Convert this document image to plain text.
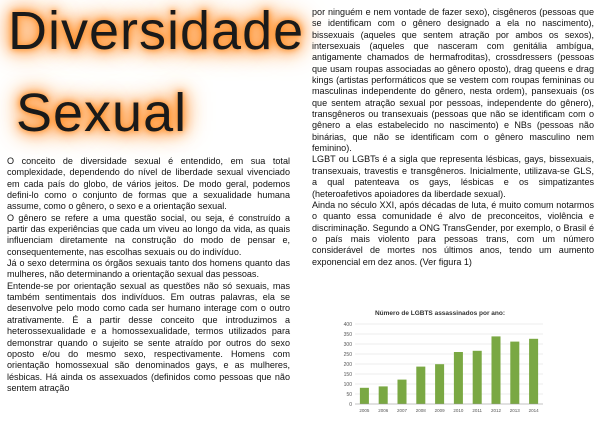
Diversidade
Sexual

O conceito de diversidade sexual é entendido, em sua total complexidade, dependendo do nível de liberdade sexual vivenciado em cada país do globo, de vários jeitos. De modo geral, podemos defini-lo como o conjunto de formas que a sexualidade humana assume, como o gênero, o sexo e a orientação sexual.

O gênero se refere a uma questão social, ou seja, é construído a partir das experiências que cada um viveu ao longo da vida, as quais influenciam diretamente na construção do modo de pensar e, consequentemente, nas escolhas sexuais ou do indivíduo.

Já o sexo determina os órgãos sexuais tanto dos homens quanto das mulheres, não determinando a orientação sexual das pessoas.

Entende-se por orientação sexual as questões não só sexuais, mas também sentimentais dos indivíduos. Em outras palavras, ela se desenvolve pelo modo como cada ser humano interage com o outro atrativamente. É a partir desse conceito que introduzimos a heterossexualidade e a homossexualidade, termos utilizados para demonstrar quando o sujeito se sente atraído por outros do sexo oposto e/ou do mesmo sexo, respectivamente. Homens com orientação homossexual são denominados gays, e as mulheres, lésbicas. Há ainda os assexuados (definidos como pessoas que não sentem atração

por ninguém e nem vontade de fazer sexo), cisgêneros (pessoas que se identificam com o gênero designado a ela no nascimento), bissexuais (aqueles que sentem atração por ambos os sexos), intersexuais (aqueles que nasceram com genitália ambígua, antigamente chamados de hermafroditas), crossdressers (pessoas que usam roupas associadas ao gênero oposto), drag queens e drag kings (artistas performáticos que se vestem com roupas femininas ou masculinas independente do gênero, nesta ordem), pansexuais (os que sentem atração sexual por pessoas, independente do gênero), transgêneros ou transexuais (pessoas que não se identificam com o gênero a elas estabelecido no nascimento) e NBs (pessoas não binárias, que não se identificam com o gênero masculino nem feminino).

LGBT ou LGBTs é a sigla que representa lésbicas, gays, bissexuais, transexuais, travestis e transgêneros. Inicialmente, utilizava-se GLS, a qual patenteava os gays, lésbicas e os simpatizantes (heteroafetivos apoiadores da liberdade sexual).

Ainda no século XXI, após décadas de luta, é muito comum notarmos o quanto essa comunidade é alvo de preconceitos, violência e discriminação. Segundo a ONG TransGender, por exemplo, o Brasil é o país mais violento para pessoas trans, com um número considerável de mortes nos últimos anos, tendo um aumento exponencial em dez anos. (Ver figura 1)

Número de LGBTS assassinados por ano:
0
50
100
150
200
250
300
350
400
2005 2006 2007 2008 2009 2010 2011 2012 2013 2014
